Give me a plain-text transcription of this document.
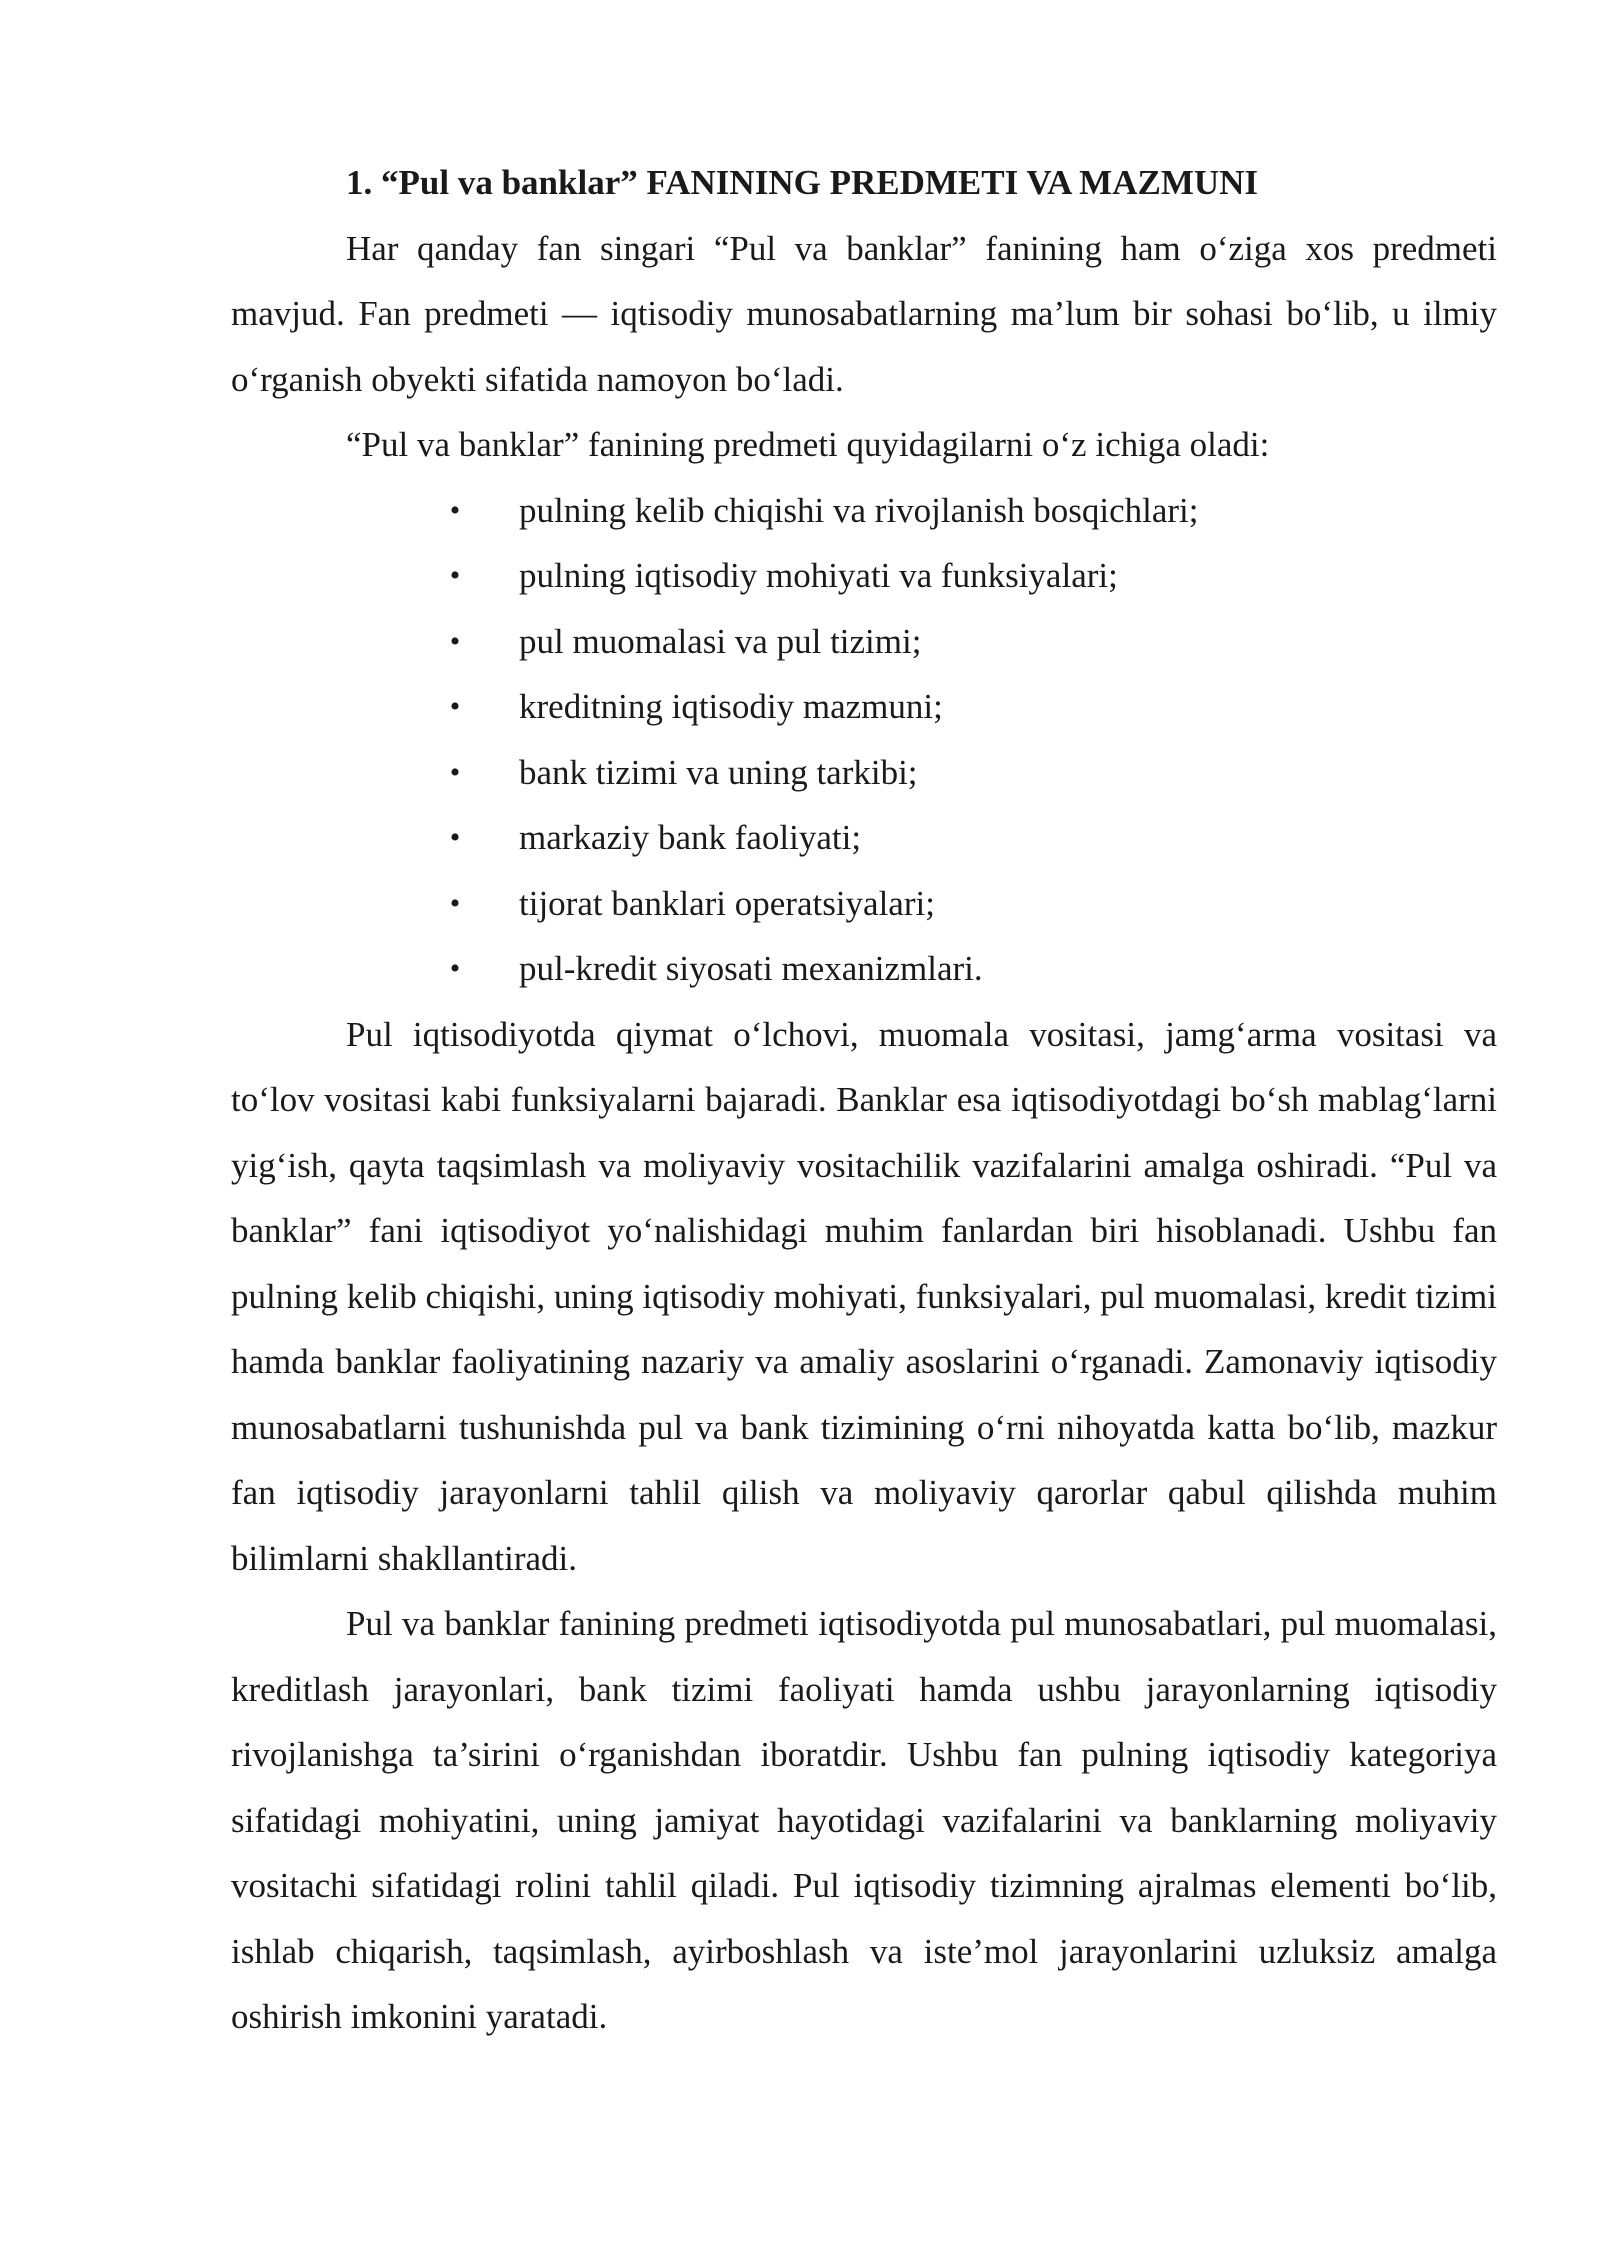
1. “Pul va banklar” FANINING PREDMETI VA MAZMUNI

Har qanday fan singari “Pul va banklar” fanining ham o‘ziga xos predmeti mavjud. Fan predmeti — iqtisodiy munosabatlarning ma’lum bir sohasi bo‘lib, u ilmiy o‘rganish obyekti sifatida namoyon bo‘ladi.

“Pul va banklar” fanining predmeti quyidagilarni o‘z ichiga oladi:

• pulning kelib chiqishi va rivojlanish bosqichlari;
• pulning iqtisodiy mohiyati va funksiyalari;
• pul muomalasi va pul tizimi;
• kreditning iqtisodiy mazmuni;
• bank tizimi va uning tarkibi;
• markaziy bank faoliyati;
• tijorat banklari operatsiyalari;
• pul-kredit siyosati mexanizmlari.

Pul iqtisodiyotda qiymat o‘lchovi, muomala vositasi, jamg‘arma vositasi va to‘lov vositasi kabi funksiyalarni bajaradi. Banklar esa iqtisodiyotdagi bo‘sh mablag‘larni yig‘ish, qayta taqsimlash va moliyaviy vositachilik vazifalarini amalga oshiradi. “Pul va banklar” fani iqtisodiyot yo‘nalishidagi muhim fanlardan biri hisoblanadi. Ushbu fan pulning kelib chiqishi, uning iqtisodiy mohiyati, funksiyalari, pul muomalasi, kredit tizimi hamda banklar faoliyatining nazariy va amaliy asoslarini o‘rganadi. Zamonaviy iqtisodiy munosabatlarni tushunishda pul va bank tizimining o‘rni nihoyatda katta bo‘lib, mazkur fan iqtisodiy jarayonlarni tahlil qilish va moliyaviy qarorlar qabul qilishda muhim bilimlarni shakllantiradi.

Pul va banklar fanining predmeti iqtisodiyotda pul munosabatlari, pul muomalasi, kreditlash jarayonlari, bank tizimi faoliyati hamda ushbu jarayonlarning iqtisodiy rivojlanishga ta’sirini o‘rganishdan iboratdir. Ushbu fan pulning iqtisodiy kategoriya sifatidagi mohiyatini, uning jamiyat hayotidagi vazifalarini va banklarning moliyaviy vositachi sifatidagi rolini tahlil qiladi. Pul iqtisodiy tizimning ajralmas elementi bo‘lib, ishlab chiqarish, taqsimlash, ayirboshlash va iste’mol jarayonlarini uzluksiz amalga oshirish imkonini yaratadi.
